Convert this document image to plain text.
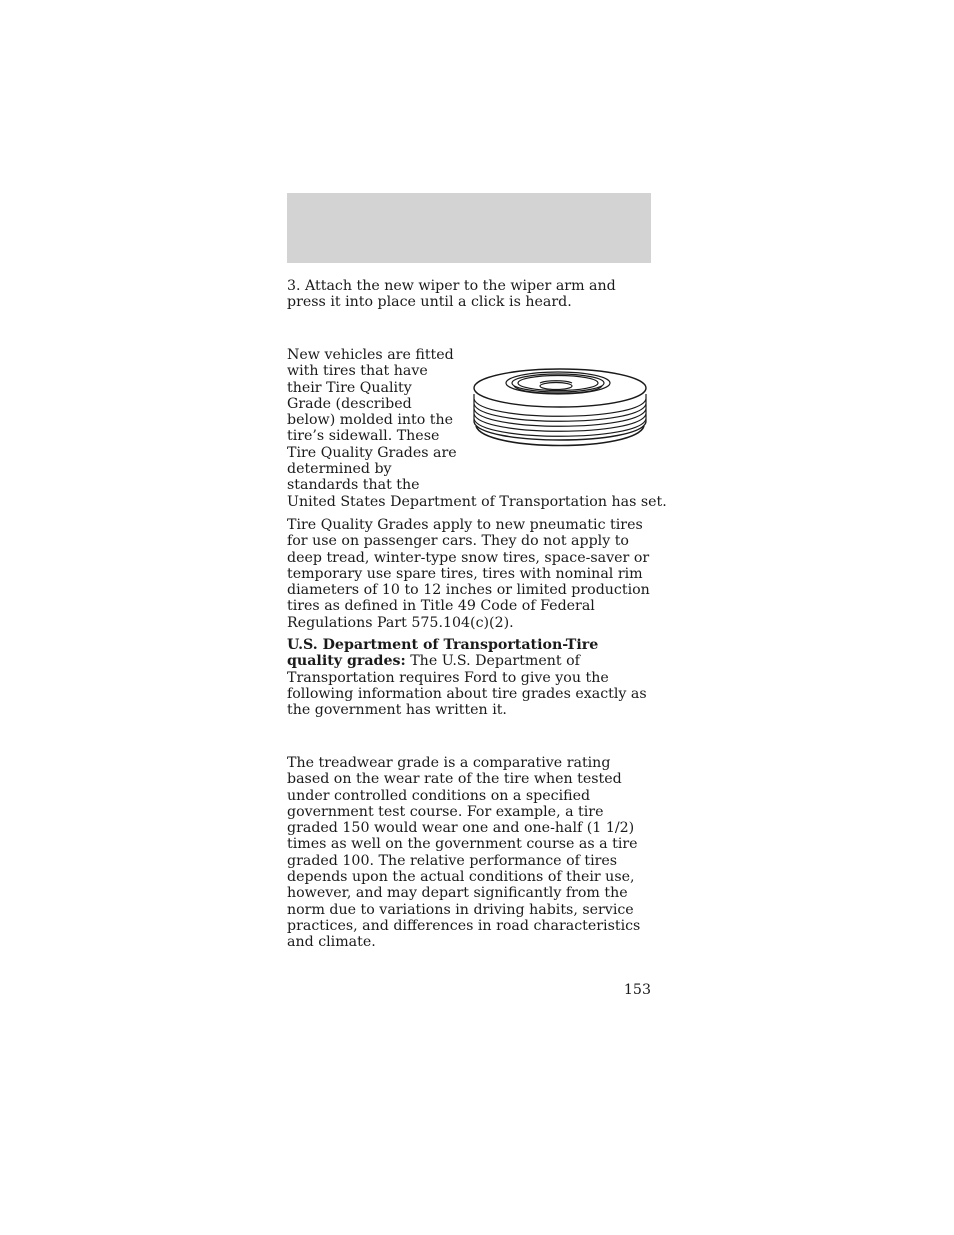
3. Attach the new wiper to the wiper arm and press it into place until a click is heard.

New vehicles are fitted
with tires that have
their Tire Quality
Grade (described
below) molded into the
tire’s sidewall. These
Tire Quality Grades are
determined by
standards that the
United States Department of Transportation has set.

Tire Quality Grades apply to new pneumatic tires for use on passenger cars. They do not apply to deep tread, winter-type snow tires, space-saver or temporary use spare tires, tires with nominal rim diameters of 10 to 12 inches or limited production tires as defined in Title 49 Code of Federal Regulations Part 575.104(c)(2).

U.S. Department of Transportation-Tire quality grades: The U.S. Department of Transportation requires Ford to give you the following information about tire grades exactly as the government has written it.

The treadwear grade is a comparative rating based on the wear rate of the tire when tested under controlled conditions on a specified government test course. For example, a tire graded 150 would wear one and one-half (1 1/2) times as well on the government course as a tire graded 100. The relative performance of tires depends upon the actual conditions of their use, however, and may depart significantly from the norm due to variations in driving habits, service practices, and differences in road characteristics and climate.

153
